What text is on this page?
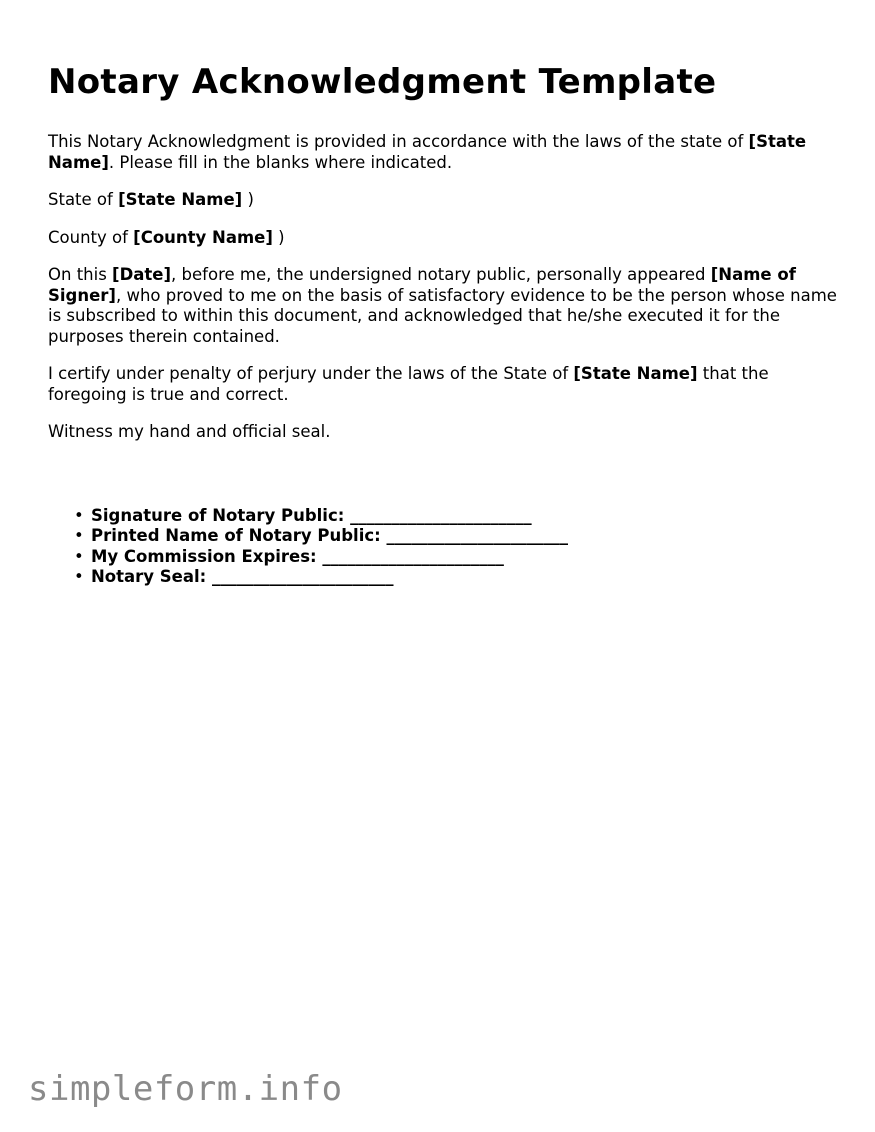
Notary Acknowledgment Template

This Notary Acknowledgment is provided in accordance with the laws of the state of [State Name]. Please fill in the blanks where indicated.

State of [State Name] )

County of [County Name] )

On this [Date], before me, the undersigned notary public, personally appeared [Name of Signer], who proved to me on the basis of satisfactory evidence to be the person whose name is subscribed to within this document, and acknowledged that he/she executed it for the purposes therein contained.

I certify under penalty of perjury under the laws of the State of [State Name] that the foregoing is true and correct.

Witness my hand and official seal.

• Signature of Notary Public: ______________________
• Printed Name of Notary Public: ______________________
• My Commission Expires: ______________________
• Notary Seal: ______________________
simpleform.info
